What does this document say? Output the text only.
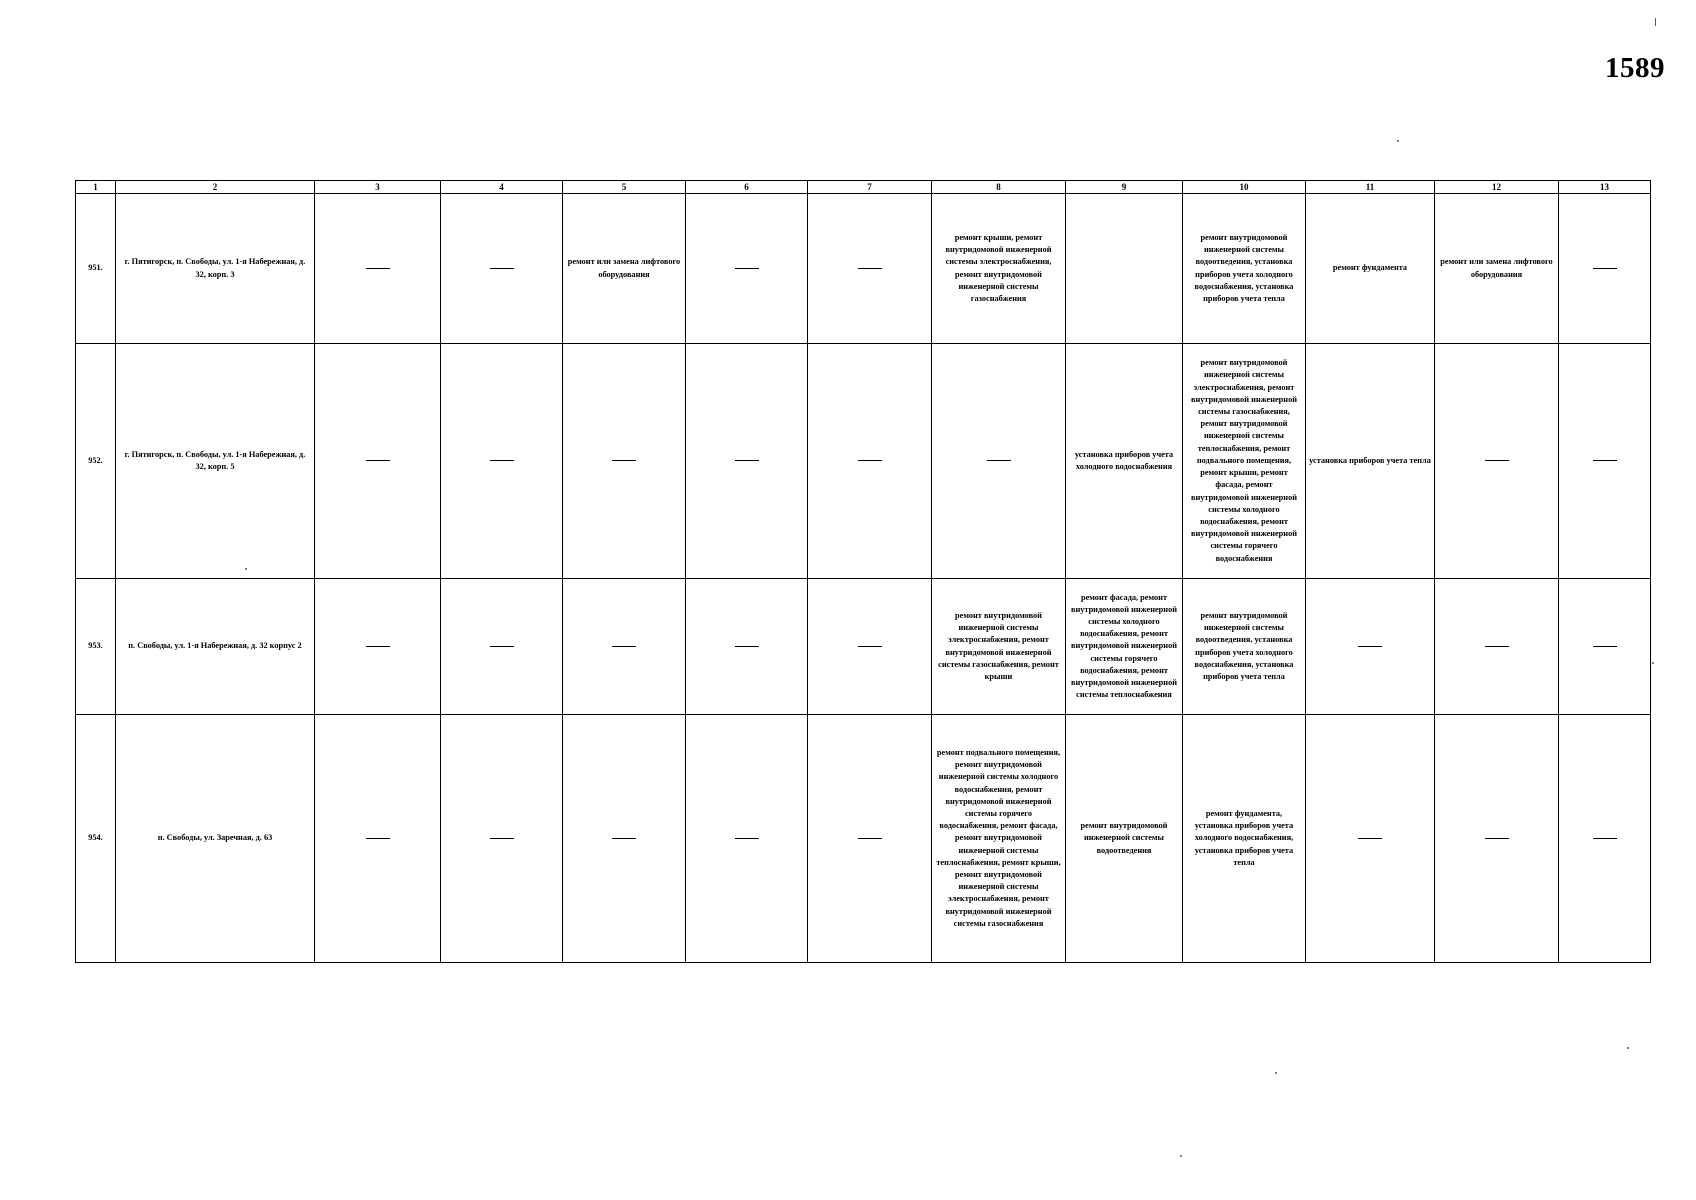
1589
1	2	3	4	5	6	7	8	9	10	11	12	13
951.	г. Пятигорск, п. Свободы, ул. 1-я Набережная, д. 32, корп. 3			ремонт или замена лифтового оборудования			ремонт крыши, ремонт внутридомовой инженерной системы электроснабжения, ремонт внутридомовой инженерной системы газоснабжения		ремонт внутридомовой инженерной системы водоотведения, установка приборов учета холодного водоснабжения, установка приборов учета тепла	ремонт фундамента	ремонт или замена лифтового оборудования	
952.	г. Пятигорск, п. Свободы, ул. 1-я Набережная, д. 32, корп. 5							установка приборов учета холодного водоснабжения	ремонт внутридомовой инженерной системы электроснабжения, ремонт внутридомовой инженерной системы газоснабжения, ремонт внутридомовой инженерной системы теплоснабжения, ремонт подвального помещения, ремонт крыши, ремонт фасада, ремонт внутридомовой инженерной системы холодного водоснабжения, ремонт внутридомовой инженерной системы горячего водоснабжения	установка приборов учета тепла		
953.	п. Свободы, ул. 1-я Набережная, д. 32 корпус 2						ремонт внутридомовой инженерной системы электроснабжения, ремонт внутридомовой инженерной системы газоснабжения, ремонт крыши	ремонт фасада, ремонт внутридомовой инженерной системы холодного водоснабжения, ремонт внутридомовой инженерной системы горячего водоснабжения, ремонт внутридомовой инженерной системы теплоснабжения	ремонт внутридомовой инженерной системы водоотведения, установка приборов учета холодного водоснабжения, установка приборов учета тепла			
954.	п. Свободы, ул. Заречная, д. 63						ремонт подвального помещения, ремонт внутридомовой инженерной системы холодного водоснабжения, ремонт внутридомовой инженерной системы горячего водоснабжения, ремонт фасада, ремонт внутридомовой инженерной системы теплоснабжения, ремонт крыши, ремонт внутридомовой инженерной системы электроснабжения, ремонт внутридомовой инженерной системы газоснабжения	ремонт внутридомовой инженерной системы водоотведения	ремонт фундамента, установка приборов учета холодного водоснабжения, установка приборов учета тепла			
